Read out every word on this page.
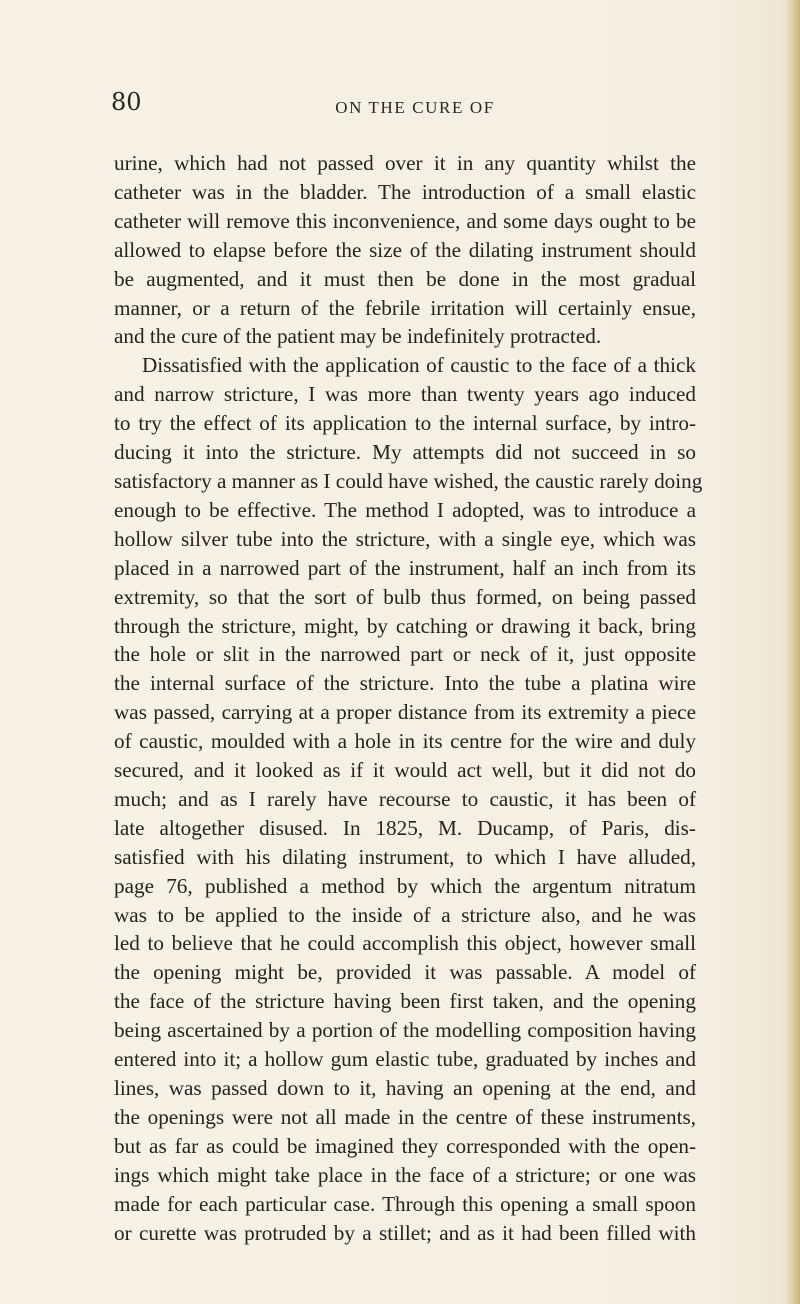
80	ON THE CURE OF
urine, which had not passed over it in any quantity whilst the
catheter was in the bladder. The introduction of a small elastic
catheter will remove this inconvenience, and some days ought to be
allowed to elapse before the size of the dilating instrument should
be augmented, and it must then be done in the most gradual
manner, or a return of the febrile irritation will certainly ensue,
and the cure of the patient may be indefinitely protracted.
Dissatisfied with the application of caustic to the face of a thick
and narrow stricture, I was more than twenty years ago induced
to try the effect of its application to the internal surface, by intro-
ducing it into the stricture. My attempts did not succeed in so
satisfactory a manner as I could have wished, the caustic rarely doing
enough to be effective. The method I adopted, was to introduce a
hollow silver tube into the stricture, with a single eye, which was
placed in a narrowed part of the instrument, half an inch from its
extremity, so that the sort of bulb thus formed, on being passed
through the stricture, might, by catching or drawing it back, bring
the hole or slit in the narrowed part or neck of it, just opposite
the internal surface of the stricture. Into the tube a platina wire
was passed, carrying at a proper distance from its extremity a piece
of caustic, moulded with a hole in its centre for the wire and duly
secured, and it looked as if it would act well, but it did not do
much; and as I rarely have recourse to caustic, it has been of
late altogether disused. In 1825, M. Ducamp, of Paris, dis-
satisfied with his dilating instrument, to which I have alluded,
page 76, published a method by which the argentum nitratum
was to be applied to the inside of a stricture also, and he was
led to believe that he could accomplish this object, however small
the opening might be, provided it was passable. A model of
the face of the stricture having been first taken, and the opening
being ascertained by a portion of the modelling composition having
entered into it; a hollow gum elastic tube, graduated by inches and
lines, was passed down to it, having an opening at the end, and
the openings were not all made in the centre of these instruments,
but as far as could be imagined they corresponded with the open-
ings which might take place in the face of a stricture; or one was
made for each particular case. Through this opening a small spoon
or curette was protruded by a stillet; and as it had been filled with
